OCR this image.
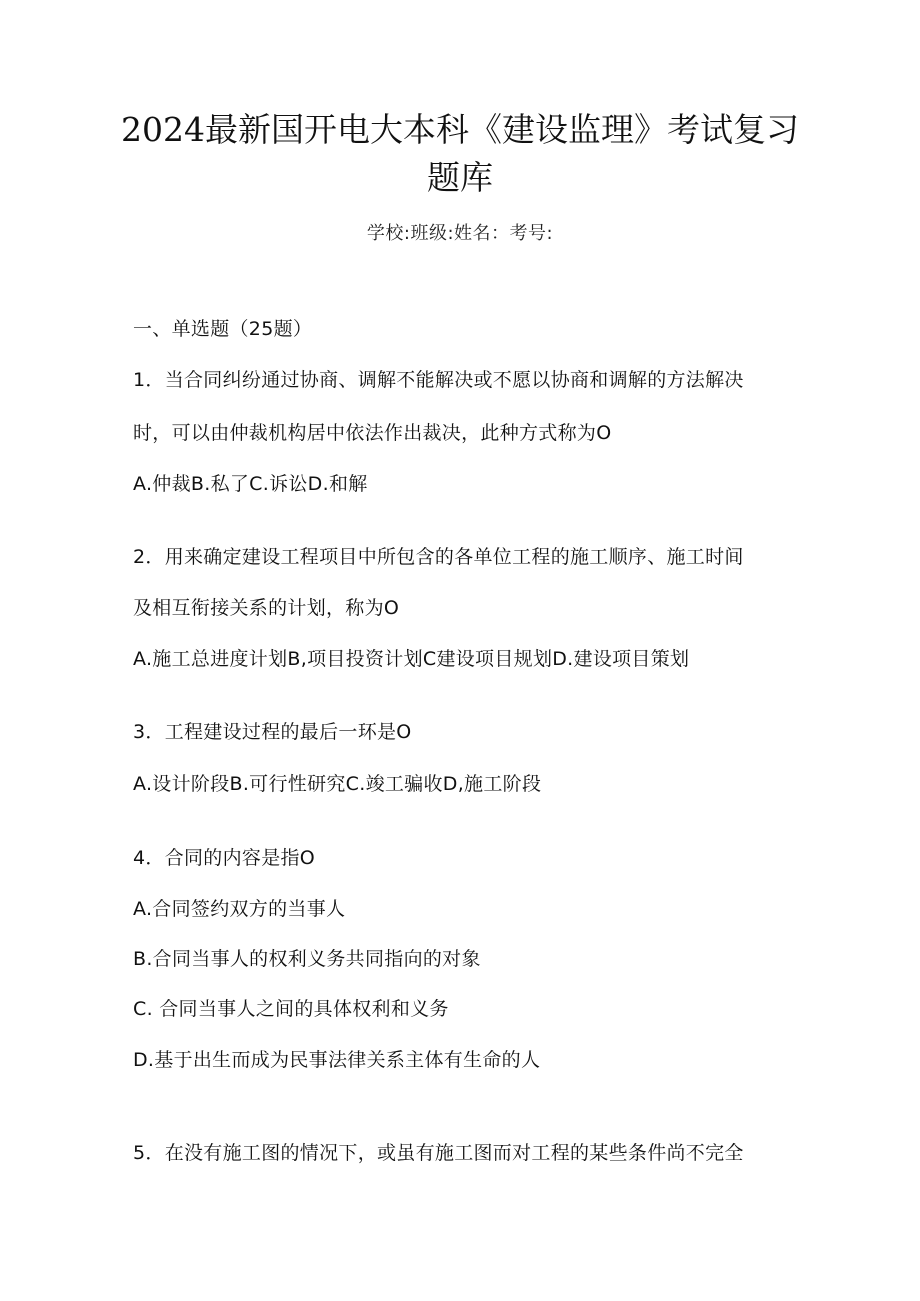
2024最新国开电大本科《建设监理》考试复习题库
学校:班级:姓名：考号:
一、单选题（25题）
1．当合同纠纷通过协商、调解不能解决或不愿以协商和调解的方法解决
时，可以由仲裁机构居中依法作出裁决，此种方式称为O
A.仲裁B.私了C.诉讼D.和解
2．用来确定建设工程项目中所包含的各单位工程的施工顺序、施工时间
及相互衔接关系的计划，称为O
A.施工总进度计划B,项目投资计划C建设项目规划D.建设项目策划
3．工程建设过程的最后一环是O
A.设计阶段B.可行性研究C.竣工骗收D,施工阶段
4．合同的内容是指O
A.合同签约双方的当事人
B.合同当事人的权利义务共同指向的对象
C. 合同当事人之间的具体权利和义务
D.基于出生而成为民事法律关系主体有生命的人
5．在没有施工图的情况下，或虽有施工图而对工程的某些条件尚不完全
